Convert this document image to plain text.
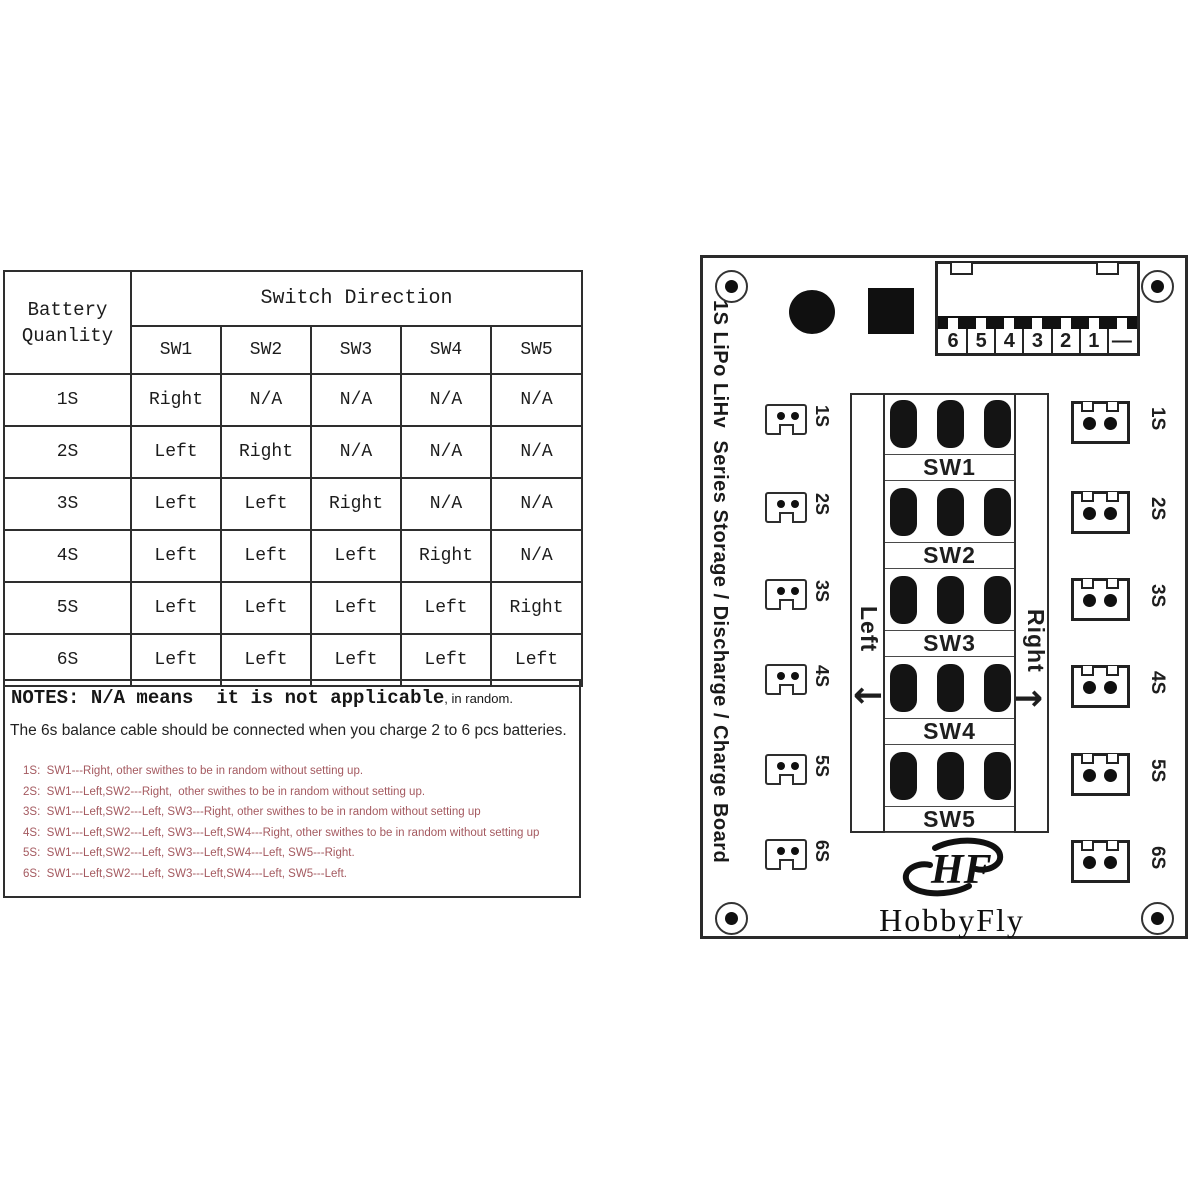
Battery Quanlity	Switch Direction				
	SW1	SW2	SW3	SW4	SW5
1S	Right	N/A	N/A	N/A	N/A
2S	Left	Right	N/A	N/A	N/A
3S	Left	Left	Right	N/A	N/A
4S	Left	Left	Left	Right	N/A
5S	Left	Left	Left	Left	Right
6S	Left	Left	Left	Left	Left
NOTES: N/A means  it is not applicable, in random.
The 6s balance cable should be connected when you charge 2 to 6 pcs batteries.
1S:  SW1---Right, other swithes to be in random without setting up.
2S:  SW1---Left,SW2---Right,  other swithes to be in random without setting up.
3S:  SW1---Left,SW2---Left, SW3---Right, other swithes to be in random without setting up
4S:  SW1---Left,SW2---Left, SW3---Left,SW4---Right, other swithes to be in random without setting up
5S:  SW1---Left,SW2---Left, SW3---Left,SW4---Left, SW5---Right.
6S:  SW1---Left,SW2---Left, SW3---Left,SW4---Left, SW5---Left.
6 5 4 3 2 1 —
1S LiPo LiHv  Series Storage / Discharge / Charge Board	1S
2S
3S
4S
5S
6S
Left	Right
←	→
SW1
SW2
SW3
SW4
SW5
1S
2S
3S
4S
5S
6S
HF
HobbyFly
